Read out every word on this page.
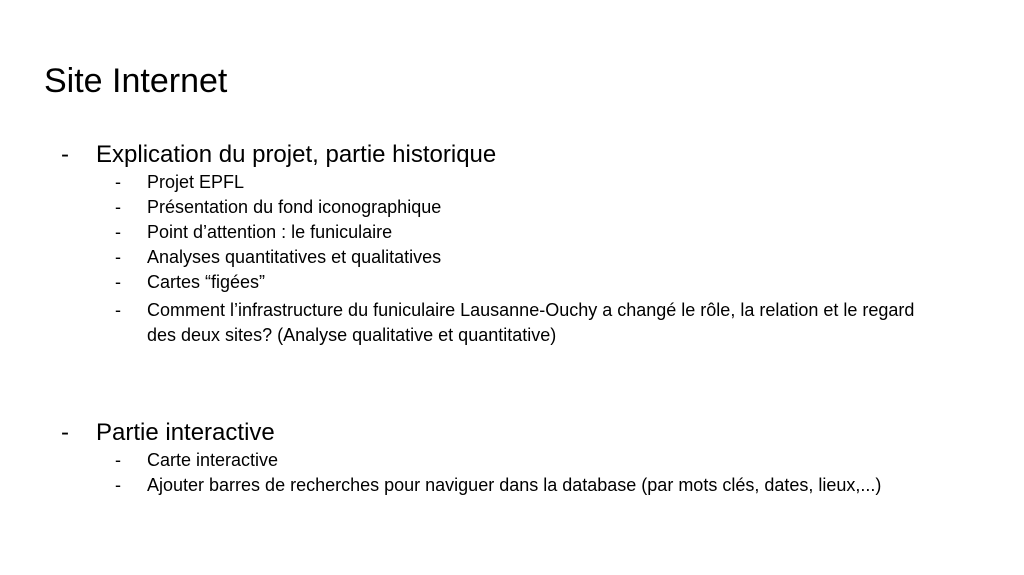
Site Internet
- Explication du projet, partie historique
- Projet EPFL
- Présentation du fond iconographique
- Point d’attention : le funiculaire
- Analyses quantitatives et qualitatives
- Cartes “figées”
- Comment l’infrastructure du funiculaire Lausanne-Ouchy a changé le rôle, la relation et le regard des deux sites? (Analyse qualitative et quantitative)
- Partie interactive
- Carte interactive
- Ajouter barres de recherches pour naviguer dans la database (par mots clés, dates, lieux,...)
